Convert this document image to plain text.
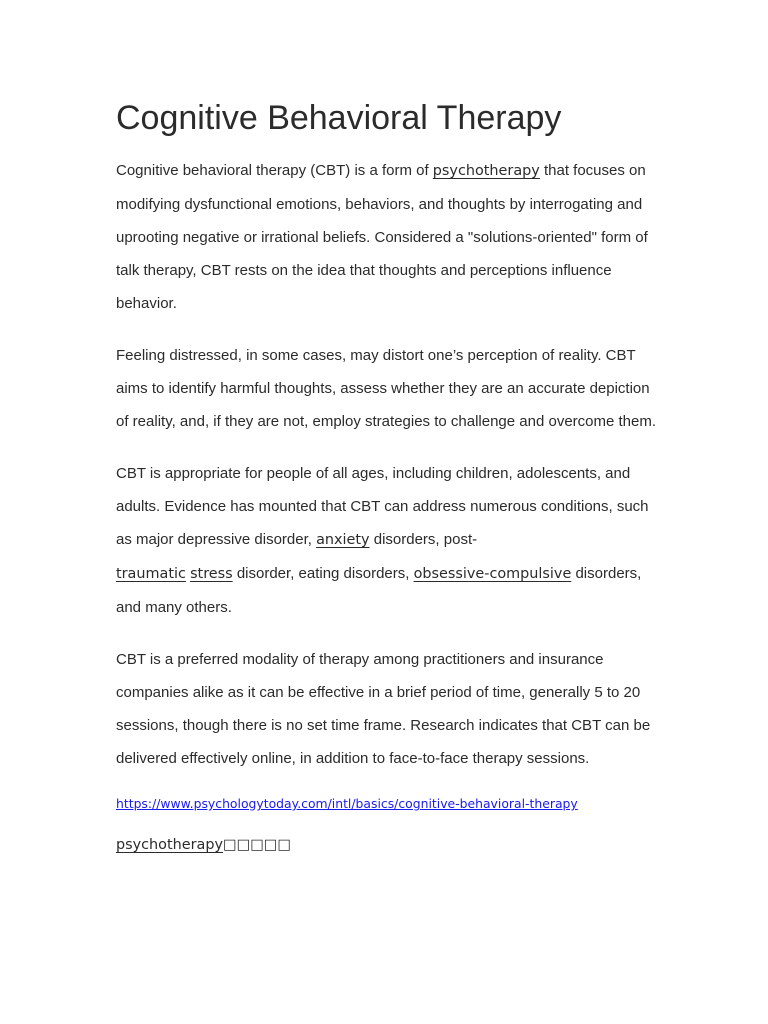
Cognitive Behavioral Therapy

Cognitive behavioral therapy (CBT) is a form of psychotherapy that focuses on modifying dysfunctional emotions, behaviors, and thoughts by interrogating and uprooting negative or irrational beliefs. Considered a "solutions-oriented" form of talk therapy, CBT rests on the idea that thoughts and perceptions influence behavior.

Feeling distressed, in some cases, may distort one’s perception of reality. CBT aims to identify harmful thoughts, assess whether they are an accurate depiction of reality, and, if they are not, employ strategies to challenge and overcome them.

CBT is appropriate for people of all ages, including children, adolescents, and adults. Evidence has mounted that CBT can address numerous conditions, such as major depressive disorder, anxiety disorders, post-
traumatic stress disorder, eating disorders, obsessive-compulsive disorders, and many others.

CBT is a preferred modality of therapy among practitioners and insurance companies alike as it can be effective in a brief period of time, generally 5 to 20 sessions, though there is no set time frame. Research indicates that CBT can be delivered effectively online, in addition to face-to-face therapy sessions.

https://www.psychologytoday.com/intl/basics/cognitive-behavioral-therapy
psychotherapy□□□□□
